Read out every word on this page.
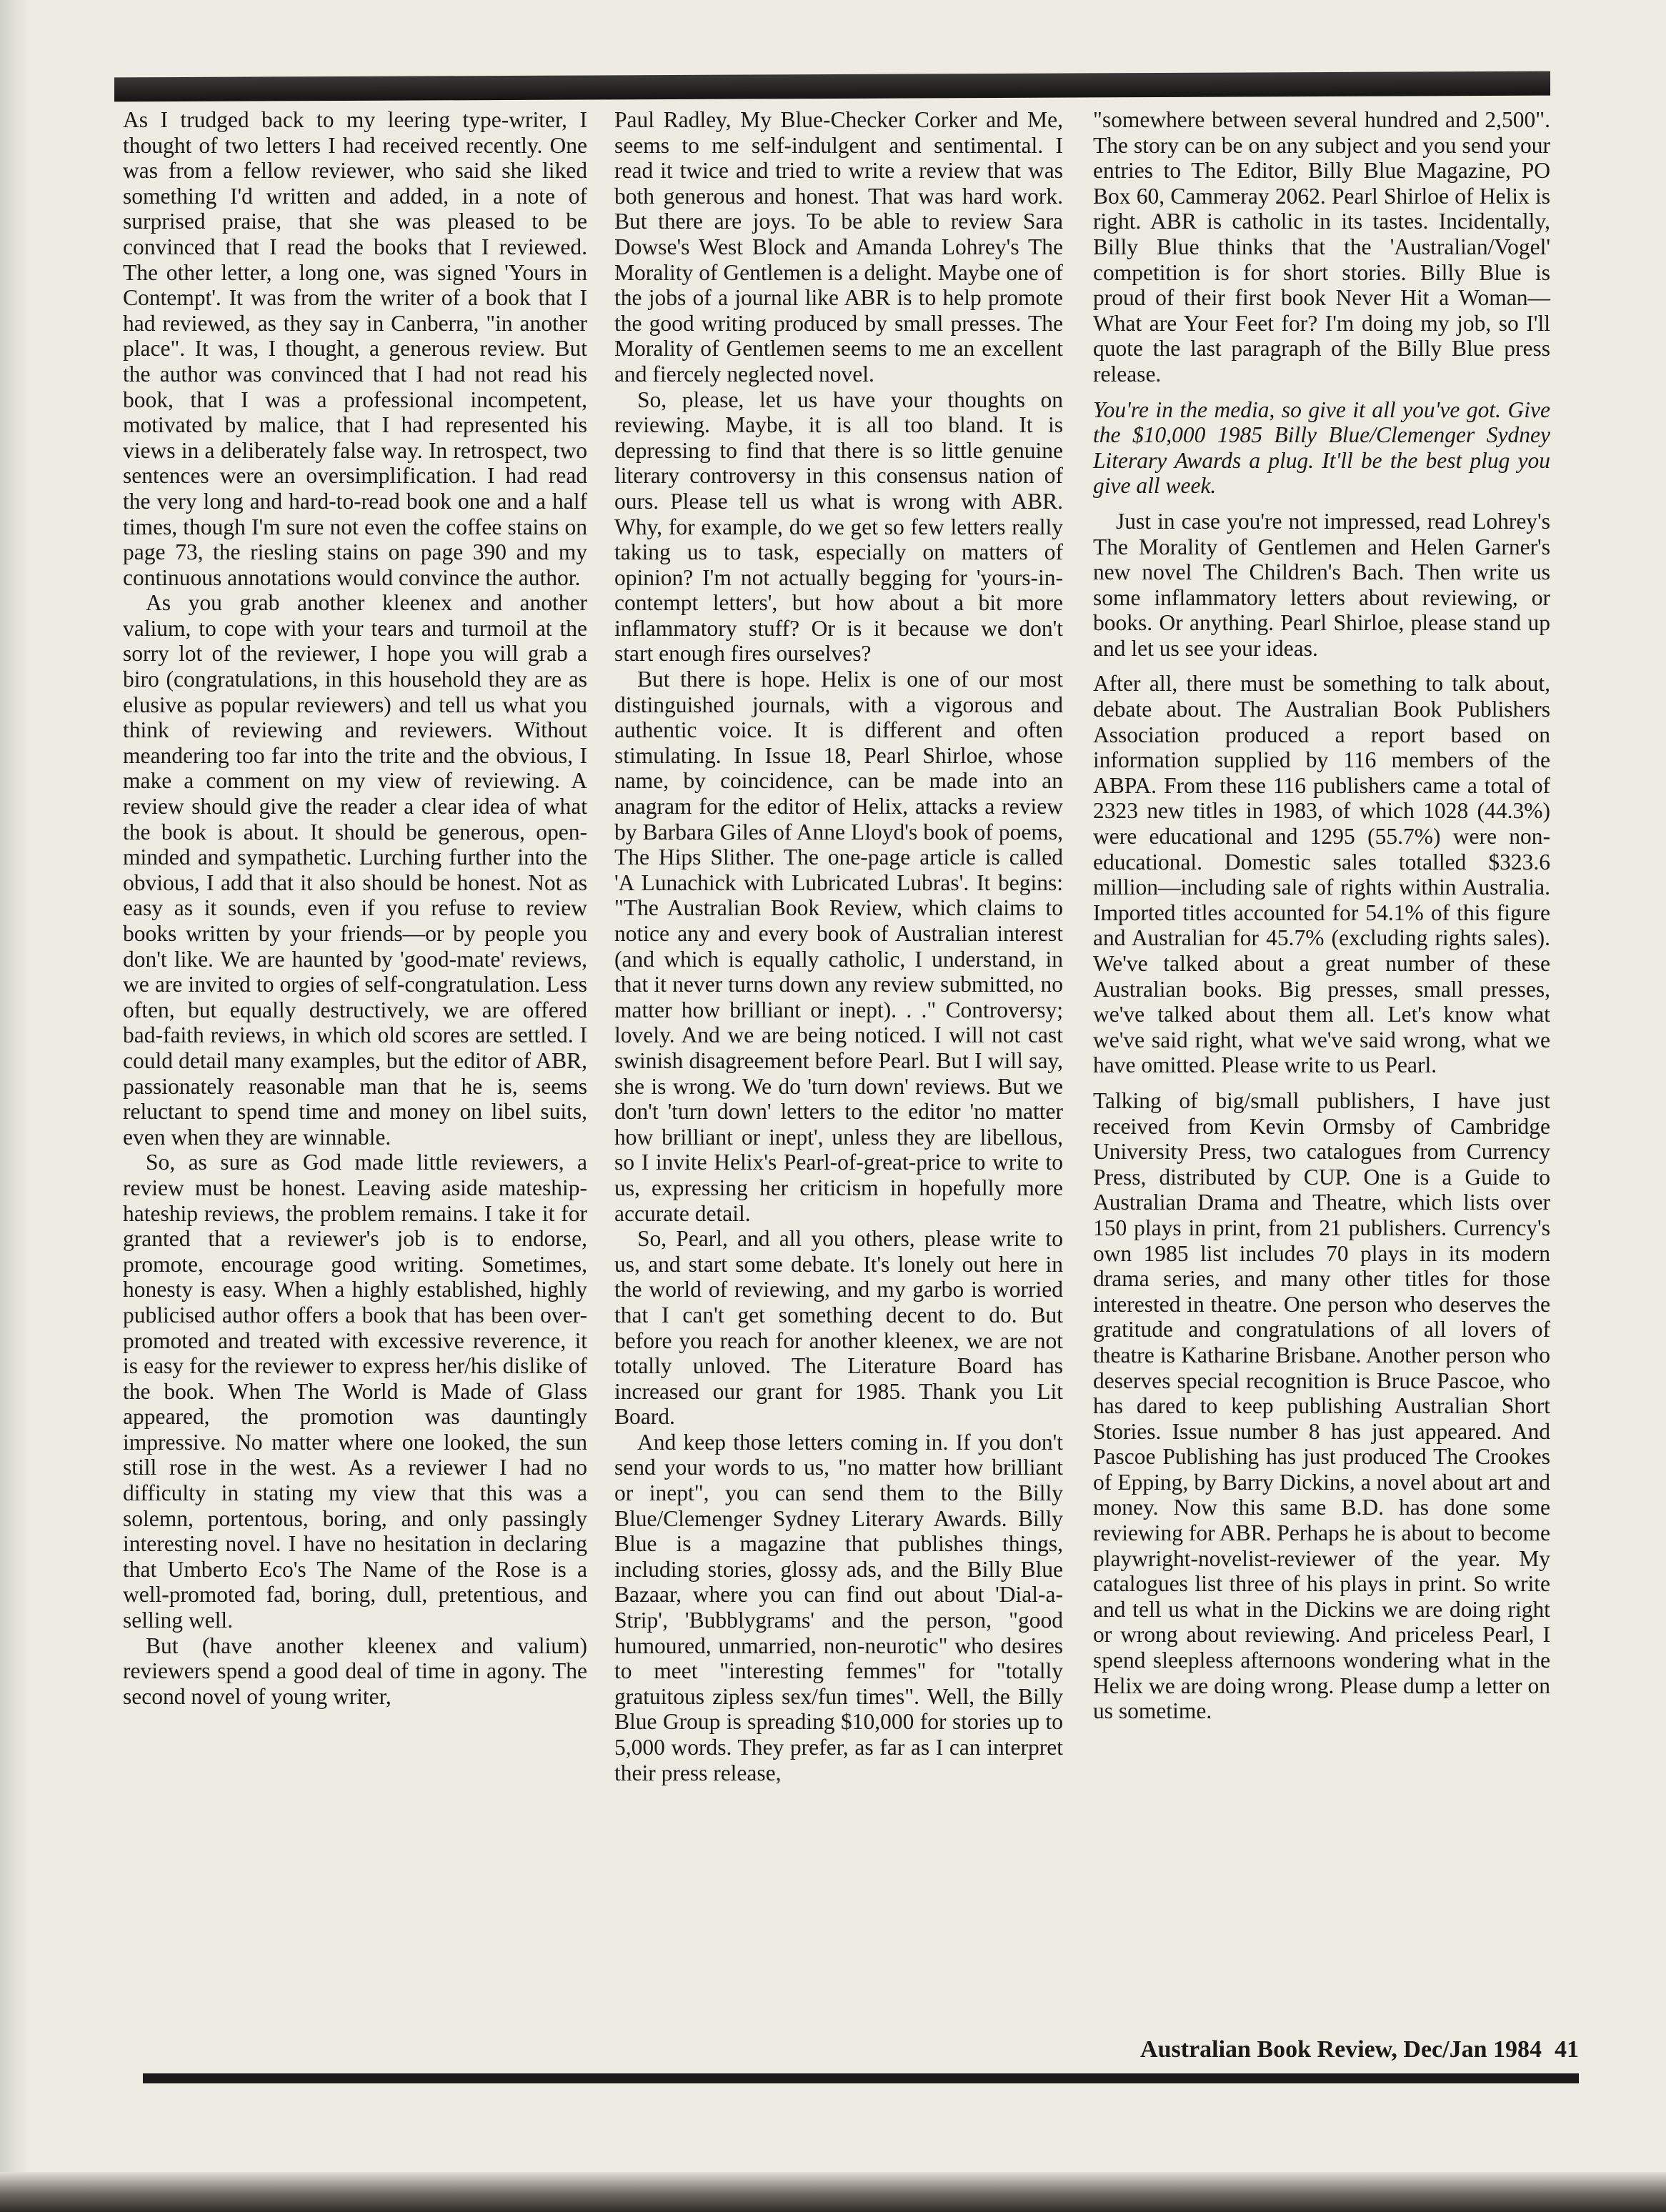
As I trudged back to my leering type-writer, I thought of two letters I had received recently. One was from a fellow reviewer, who said she liked something I'd written and added, in a note of surprised praise, that she was pleased to be convinced that I read the books that I reviewed. The other letter, a long one, was signed 'Yours in Contempt'. It was from the writer of a book that I had reviewed, as they say in Canberra, "in another place". It was, I thought, a generous review. But the author was convinced that I had not read his book, that I was a professional incompetent, motivated by malice, that I had represented his views in a deliberately false way. In retrospect, two sentences were an oversimplification. I had read the very long and hard-to-read book one and a half times, though I'm sure not even the coffee stains on page 73, the riesling stains on page 390 and my continuous annotations would convince the author.

As you grab another kleenex and another valium, to cope with your tears and turmoil at the sorry lot of the reviewer, I hope you will grab a biro (congratulations, in this household they are as elusive as popular reviewers) and tell us what you think of reviewing and reviewers. Without meandering too far into the trite and the obvious, I make a comment on my view of reviewing. A review should give the reader a clear idea of what the book is about. It should be generous, open-minded and sympathetic. Lurching further into the obvious, I add that it also should be honest. Not as easy as it sounds, even if you refuse to review books written by your friends—or by people you don't like. We are haunted by 'good-mate' reviews, we are invited to orgies of self-congratulation. Less often, but equally destructively, we are offered bad-faith reviews, in which old scores are settled. I could detail many examples, but the editor of ABR, passionately reasonable man that he is, seems reluctant to spend time and money on libel suits, even when they are winnable.

So, as sure as God made little reviewers, a review must be honest. Leaving aside mateship-hateship reviews, the problem remains. I take it for granted that a reviewer's job is to endorse, promote, encourage good writing. Sometimes, honesty is easy. When a highly established, highly publicised author offers a book that has been over-promoted and treated with excessive reverence, it is easy for the reviewer to express her/his dislike of the book. When The World is Made of Glass appeared, the promotion was dauntingly impressive. No matter where one looked, the sun still rose in the west. As a reviewer I had no difficulty in stating my view that this was a solemn, portentous, boring, and only passingly interesting novel. I have no hesitation in declaring that Umberto Eco's The Name of the Rose is a well-promoted fad, boring, dull, pretentious, and selling well.

But (have another kleenex and valium) reviewers spend a good deal of time in agony. The second novel of young writer,

Paul Radley, My Blue-Checker Corker and Me, seems to me self-indulgent and sentimental. I read it twice and tried to write a review that was both generous and honest. That was hard work. But there are joys. To be able to review Sara Dowse's West Block and Amanda Lohrey's The Morality of Gentlemen is a delight. Maybe one of the jobs of a journal like ABR is to help promote the good writing produced by small presses. The Morality of Gentlemen seems to me an excellent and fiercely neglected novel.

So, please, let us have your thoughts on reviewing. Maybe, it is all too bland. It is depressing to find that there is so little genuine literary controversy in this consensus nation of ours. Please tell us what is wrong with ABR. Why, for example, do we get so few letters really taking us to task, especially on matters of opinion? I'm not actually begging for 'yours-in-contempt letters', but how about a bit more inflammatory stuff? Or is it because we don't start enough fires ourselves?

But there is hope. Helix is one of our most distinguished journals, with a vigorous and authentic voice. It is different and often stimulating. In Issue 18, Pearl Shirloe, whose name, by coincidence, can be made into an anagram for the editor of Helix, attacks a review by Barbara Giles of Anne Lloyd's book of poems, The Hips Slither. The one-page article is called 'A Lunachick with Lubricated Lubras'. It begins: "The Australian Book Review, which claims to notice any and every book of Australian interest (and which is equally catholic, I understand, in that it never turns down any review submitted, no matter how brilliant or inept). . ." Controversy; lovely. And we are being noticed. I will not cast swinish disagreement before Pearl. But I will say, she is wrong. We do 'turn down' reviews. But we don't 'turn down' letters to the editor 'no matter how brilliant or inept', unless they are libellous, so I invite Helix's Pearl-of-great-price to write to us, expressing her criticism in hopefully more accurate detail.

So, Pearl, and all you others, please write to us, and start some debate. It's lonely out here in the world of reviewing, and my garbo is worried that I can't get something decent to do. But before you reach for another kleenex, we are not totally unloved. The Literature Board has increased our grant for 1985. Thank you Lit Board.

And keep those letters coming in. If you don't send your words to us, "no matter how brilliant or inept", you can send them to the Billy Blue/Clemenger Sydney Literary Awards. Billy Blue is a magazine that publishes things, including stories, glossy ads, and the Billy Blue Bazaar, where you can find out about 'Dial-a-Strip', 'Bubblygrams' and the person, "good humoured, unmarried, non-neurotic" who desires to meet "interesting femmes" for "totally gratuitous zipless sex/fun times". Well, the Billy Blue Group is spreading $10,000 for stories up to 5,000 words. They prefer, as far as I can interpret their press release,

"somewhere between several hundred and 2,500". The story can be on any subject and you send your entries to The Editor, Billy Blue Magazine, PO Box 60, Cammeray 2062. Pearl Shirloe of Helix is right. ABR is catholic in its tastes. Incidentally, Billy Blue thinks that the 'Australian/Vogel' competition is for short stories. Billy Blue is proud of their first book Never Hit a Woman—What are Your Feet for? I'm doing my job, so I'll quote the last paragraph of the Billy Blue press release.

You're in the media, so give it all you've got. Give the $10,000 1985 Billy Blue/Clemenger Sydney Literary Awards a plug. It'll be the best plug you give all week.

Just in case you're not impressed, read Lohrey's The Morality of Gentlemen and Helen Garner's new novel The Children's Bach. Then write us some inflammatory letters about reviewing, or books. Or anything. Pearl Shirloe, please stand up and let us see your ideas.

After all, there must be something to talk about, debate about. The Australian Book Publishers Association produced a report based on information supplied by 116 members of the ABPA. From these 116 publishers came a total of 2323 new titles in 1983, of which 1028 (44.3%) were educational and 1295 (55.7%) were non-educational. Domestic sales totalled $323.6 million—including sale of rights within Australia. Imported titles accounted for 54.1% of this figure and Australian for 45.7% (excluding rights sales). We've talked about a great number of these Australian books. Big presses, small presses, we've talked about them all. Let's know what we've said right, what we've said wrong, what we have omitted. Please write to us Pearl.

Talking of big/small publishers, I have just received from Kevin Ormsby of Cambridge University Press, two catalogues from Currency Press, distributed by CUP. One is a Guide to Australian Drama and Theatre, which lists over 150 plays in print, from 21 publishers. Currency's own 1985 list includes 70 plays in its modern drama series, and many other titles for those interested in theatre. One person who deserves the gratitude and congratulations of all lovers of theatre is Katharine Brisbane. Another person who deserves special recognition is Bruce Pascoe, who has dared to keep publishing Australian Short Stories. Issue number 8 has just appeared. And Pascoe Publishing has just produced The Crookes of Epping, by Barry Dickins, a novel about art and money. Now this same B.D. has done some reviewing for ABR. Perhaps he is about to become playwright-novelist-reviewer of the year. My catalogues list three of his plays in print. So write and tell us what in the Dickins we are doing right or wrong about reviewing. And priceless Pearl, I spend sleepless afternoons wondering what in the Helix we are doing wrong. Please dump a letter on us sometime.

Australian Book Review, Dec/Jan 1984 41
